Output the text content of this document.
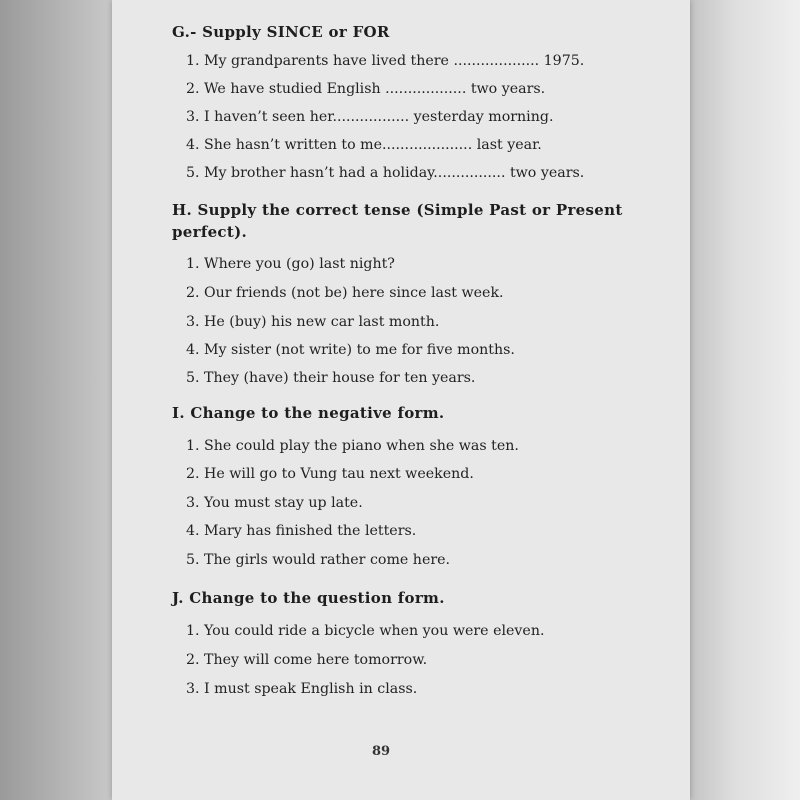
G.- Supply SINCE or FOR
1. My grandparents have lived there ................... 1975.
2. We have studied English .................. two years.
3. I haven’t seen her................. yesterday morning.
4. She hasn’t written to me.................... last year.
5. My brother hasn’t had a holiday................ two years.
H. Supply the correct tense (Simple Past or Present perfect).
1. Where you (go) last night?
2. Our friends (not be) here since last week.
3. He (buy) his new car last month.
4. My sister (not write) to me for five months.
5. They (have) their house for ten years.
I. Change to the negative form.
1. She could play the piano when she was ten.
2. He will go to Vung tau next weekend.
3. You must stay up late.
4. Mary has finished the letters.
5. The girls would rather come here.
J. Change to the question form.
1. You could ride a bicycle when you were eleven.
2. They will come here tomorrow.
3. I must speak English in class.
89
